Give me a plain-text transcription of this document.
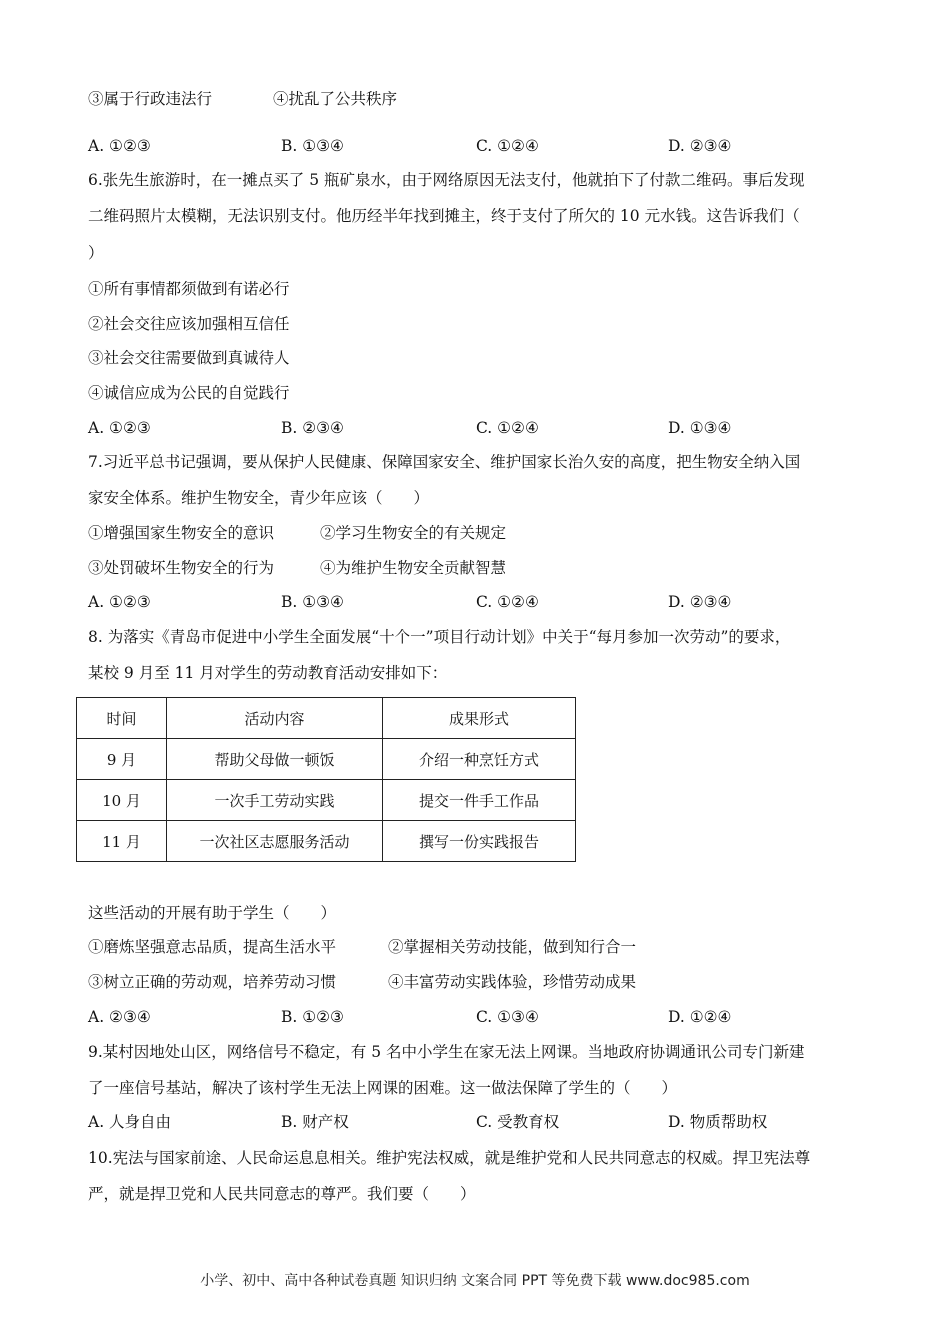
③属于行政违法行	④扰乱了公共秩序
A. ①②③	B. ①③④	C. ①②④	D. ②③④
6.张先生旅游时，在一摊点买了 5 瓶矿泉水，由于网络原因无法支付，他就拍下了付款二维码。事后发现
二维码照片太模糊，无法识别支付。他历经半年找到摊主，终于支付了所欠的 10 元水钱。这告诉我们（
）
①所有事情都须做到有诺必行
②社会交往应该加强相互信任
③社会交往需要做到真诚待人
④诚信应成为公民的自觉践行
A. ①②③	B. ②③④	C. ①②④	D. ①③④
7.习近平总书记强调，要从保护人民健康、保障国家安全、维护国家长治久安的高度，把生物安全纳入国
家安全体系。维护生物安全，青少年应该（　　）
①增强国家生物安全的意识	②学习生物安全的有关规定
③处罚破坏生物安全的行为	④为维护生物安全贡献智慧
A. ①②③	B. ①③④	C. ①②④	D. ②③④
8. 为落实《青岛市促进中小学生全面发展“十个一”项目行动计划》中关于“每月参加一次劳动”的要求，
某校 9 月至 11 月对学生的劳动教育活动安排如下：
时间	活动内容	成果形式
9 月	帮助父母做一顿饭	介绍一种烹饪方式
10 月	一次手工劳动实践	提交一件手工作品
11 月	一次社区志愿服务活动	撰写一份实践报告
这些活动的开展有助于学生（　　）
①磨炼坚强意志品质，提高生活水平	②掌握相关劳动技能，做到知行合一
③树立正确的劳动观，培养劳动习惯	④丰富劳动实践体验，珍惜劳动成果
A. ②③④	B. ①②③	C. ①③④	D. ①②④
9.某村因地处山区，网络信号不稳定，有 5 名中小学生在家无法上网课。当地政府协调通讯公司专门新建
了一座信号基站，解决了该村学生无法上网课的困难。这一做法保障了学生的（　　）
A. 人身自由	B. 财产权	C. 受教育权	D. 物质帮助权
10.宪法与国家前途、人民命运息息相关。维护宪法权威，就是维护党和人民共同意志的权威。捍卫宪法尊
严，就是捍卫党和人民共同意志的尊严。我们要（　　）
小学、初中、高中各种试卷真题 知识归纳 文案合同 PPT 等免费下载 www.doc985.com
